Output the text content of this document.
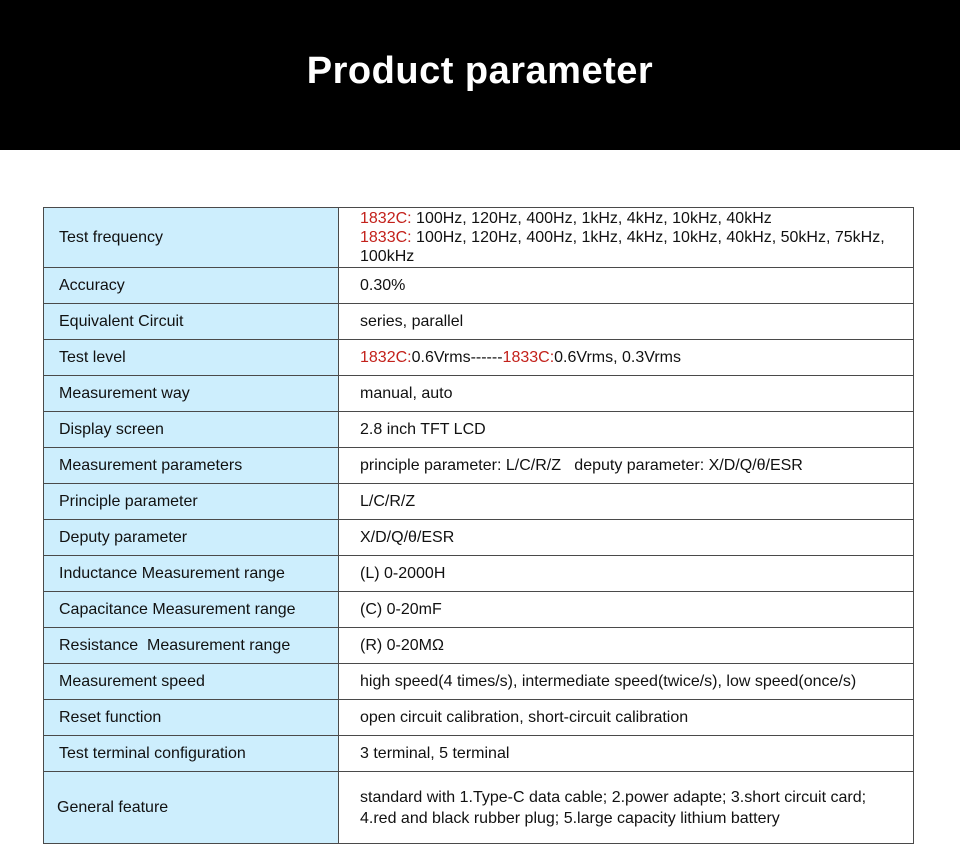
Product parameter
Test frequency	1832C: 100Hz, 120Hz, 400Hz, 1kHz, 4kHz, 10kHz, 40kHz
1833C: 100Hz, 120Hz, 400Hz, 1kHz, 4kHz, 10kHz, 40kHz, 50kHz, 75kHz, 100kHz

Accuracy	0.30%
Equivalent Circuit	series, parallel
Test level	1832C:0.6Vrms------1833C:0.6Vrms, 0.3Vrms
Measurement way	manual, auto
Display screen	2.8 inch TFT LCD
Measurement parameters	principle parameter: L/C/R/Z   deputy parameter: X/D/Q/θ/ESR
Principle parameter	L/C/R/Z
Deputy parameter	X/D/Q/θ/ESR
Inductance Measurement range	(L) 0-2000H
Capacitance Measurement range	(C) 0-20mF
Resistance  Measurement range	(R) 0-20MΩ
Measurement speed	high speed(4 times/s), intermediate speed(twice/s), low speed(once/s)
Reset function	open circuit calibration, short-circuit calibration
Test terminal configuration	3 terminal, 5 terminal
General feature	standard with 1.Type-C data cable; 2.power adapte; 3.short circuit card;
4.red and black rubber plug; 5.large capacity lithium battery
